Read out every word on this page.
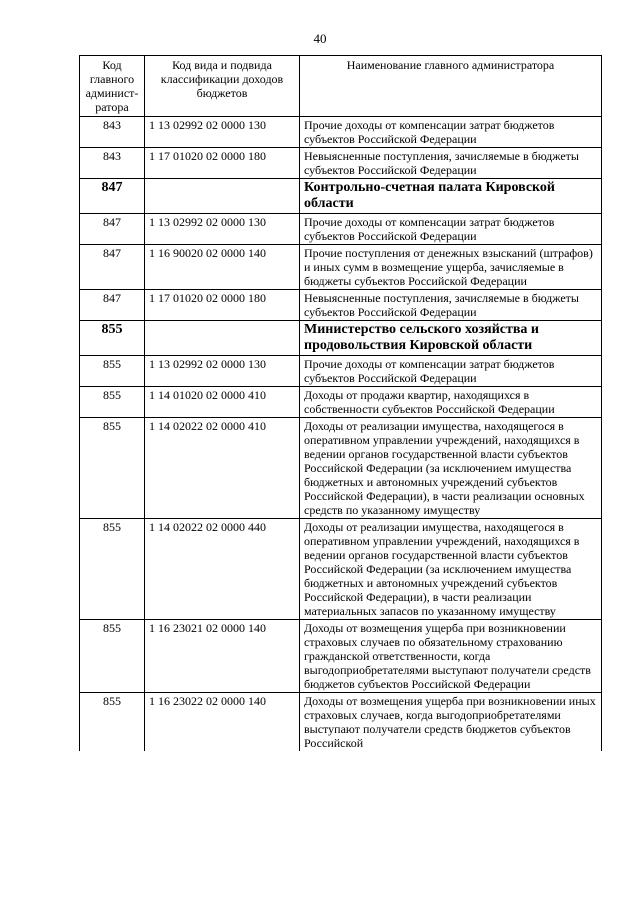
40
Код главного админист-ратора	Код вида и подвида классификации доходов бюджетов	Наименование главного администратора
843	1 13 02992 02 0000 130	Прочие доходы от компенсации затрат бюджетов субъектов Российской Федерации
843	1 17 01020 02 0000 180	Невыясненные поступления, зачисляемые в бюджеты субъектов Российской Федерации
847		Контрольно-счетная палата Кировской области
847	1 13 02992 02 0000 130	Прочие доходы от компенсации затрат бюджетов субъектов Российской Федерации
847	1 16 90020 02 0000 140	Прочие поступления от денежных взысканий (штрафов) и иных сумм в возмещение ущерба, зачисляемые в бюджеты субъектов Российской Федерации
847	1 17 01020 02 0000 180	Невыясненные поступления, зачисляемые в бюджеты субъектов Российской Федерации
855		Министерство сельского хозяйства и продовольствия Кировской области
855	1 13 02992 02 0000 130	Прочие доходы от компенсации затрат бюджетов субъектов Российской Федерации
855	1 14 01020 02 0000 410	Доходы от продажи квартир, находящихся в собственности субъектов Российской Федерации
855	1 14 02022 02 0000 410	Доходы от реализации имущества, находящегося в оперативном управлении учреждений, находящихся в ведении органов государственной власти субъектов Российской Федерации (за исключением имущества бюджетных и автономных учреждений субъектов Российской Федерации), в части реализации основных средств по указанному имуществу
855	1 14 02022 02 0000 440	Доходы от реализации имущества, находящегося в оперативном управлении учреждений, находящихся в ведении органов государственной власти субъектов Российской Федерации (за исключением имущества бюджетных и автономных учреждений субъектов Российской Федерации), в части реализации материальных запасов по указанному имуществу
855	1 16 23021 02 0000 140	Доходы от возмещения ущерба при возникновении страховых случаев по обязательному страхованию гражданской ответственности, когда выгодоприобретателями выступают получатели средств бюджетов субъектов Российской Федерации
855	1 16 23022 02 0000 140	Доходы от возмещения ущерба при возникновении иных страховых случаев, когда выгодоприобретателями выступают получатели средств бюджетов субъектов Российской
